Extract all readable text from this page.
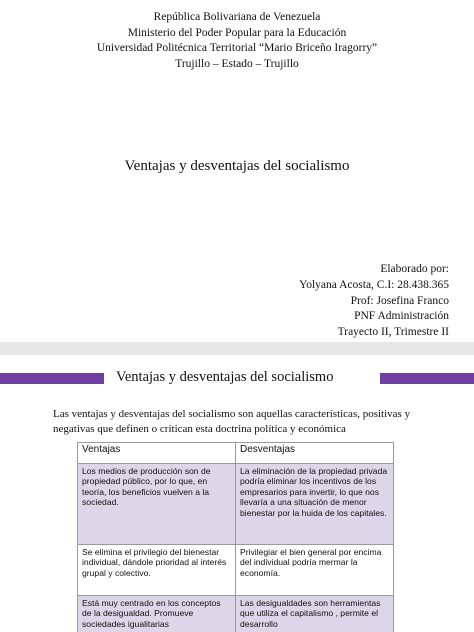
República Bolivariana de Venezuela
Ministerio del Poder Popular para la Educación
Universidad Politécnica Territorial “Mario Briceño Iragorry”
Trujillo – Estado – Trujillo
Ventajas y desventajas del socialismo
Elaborado por:
Yolyana Acosta, C.I: 28.438.365
Prof: Josefina Franco
PNF Administración
Trayecto II, Trimestre II
Ventajas y desventajas del socialismo
Las ventajas y desventajas del socialismo son aquellas características, positivas y negativas que definen o critican esta doctrina política y económica
Ventajas	Desventajas
Los medios de producción son de propiedad público, por lo que, en teoría, los beneficios vuelven a la sociedad.	La eliminación de la propiedad privada podría eliminar los incentivos de los empresarios para invertir, lo que nos llevaría a una situación de menor bienestar por la huida de los capitales.
Se elimina el privilegio del bienestar individual, dándole prioridad al interés grupal y colectivo.	Privilegiar el bien general por encima del individual podría mermar la economía.
Está muy centrado en los conceptos de la desigualdad. Promueve sociedades igualitarias	Las desigualdades son herramientas que utiliza el capitalismo , permite el desarrollo
